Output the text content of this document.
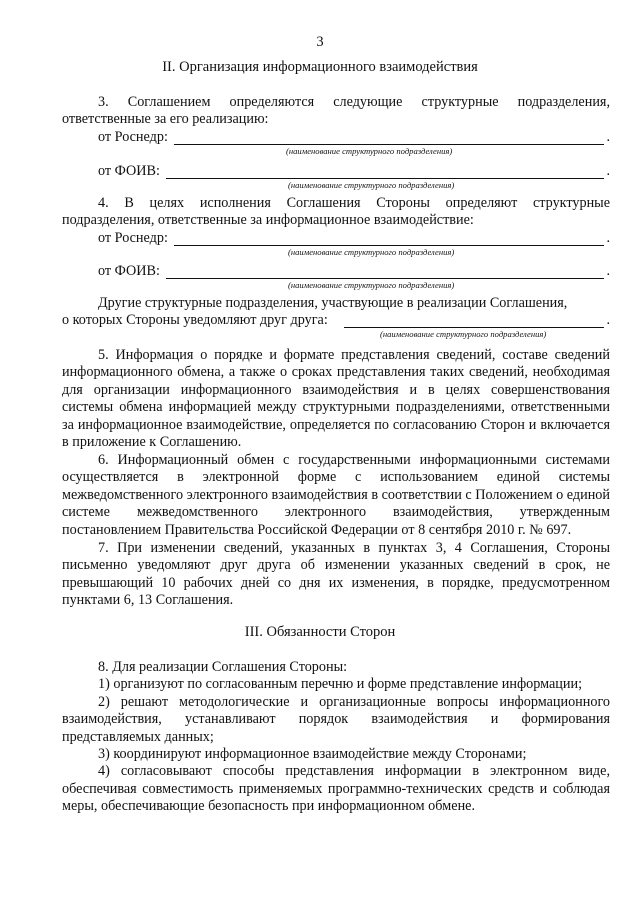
3
II. Организация информационного взаимодействия

3. Соглашением определяются следующие структурные подразделения, ответственные за его реализацию:

от Роснедр:	.
(наименование структурного подразделения)
от ФОИВ:	.
(наименование структурного подразделения)

4. В целях исполнения Соглашения Стороны определяют структурные подразделения, ответственные за информационное взаимодействие:

от Роснедр:	.
(наименование структурного подразделения)
от ФОИВ:	.
(наименование структурного подразделения)

Другие структурные подразделения, участвующие в реализации Соглашения,

о которых Стороны уведомляют друг друга:	.
(наименование структурного подразделения)

5. Информация о порядке и формате представления сведений, составе сведений информационного обмена, а также о сроках представления таких сведений, необходимая для организации информационного взаимодействия и в целях совершенствования системы обмена информацией между структурными подразделениями, ответственными за информационное взаимодействие, определяется по согласованию Сторон и включается в приложение к Соглашению.

6. Информационный обмен с государственными информационными системами осуществляется в электронной форме с использованием единой системы межведомственного электронного взаимодействия в соответствии с Положением о единой системе межведомственного электронного взаимодействия, утвержденным постановлением Правительства Российской Федерации от 8 сентября 2010 г. № 697.

7. При изменении сведений, указанных в пунктах 3, 4 Соглашения, Стороны письменно уведомляют друг друга об изменении указанных сведений в срок, не превышающий 10 рабочих дней со дня их изменения, в порядке, предусмотренном пунктами 6, 13 Соглашения.

III. Обязанности Сторон

8. Для реализации Соглашения Стороны:

1) организуют по согласованным перечню и форме представление информации;

2) решают методологические и организационные вопросы информационного взаимодействия, устанавливают порядок взаимодействия и формирования представляемых данных;

3) координируют информационное взаимодействие между Сторонами;

4) согласовывают способы представления информации в электронном виде, обеспечивая совместимость применяемых программно-технических средств и соблюдая меры, обеспечивающие безопасность при информационном обмене.
